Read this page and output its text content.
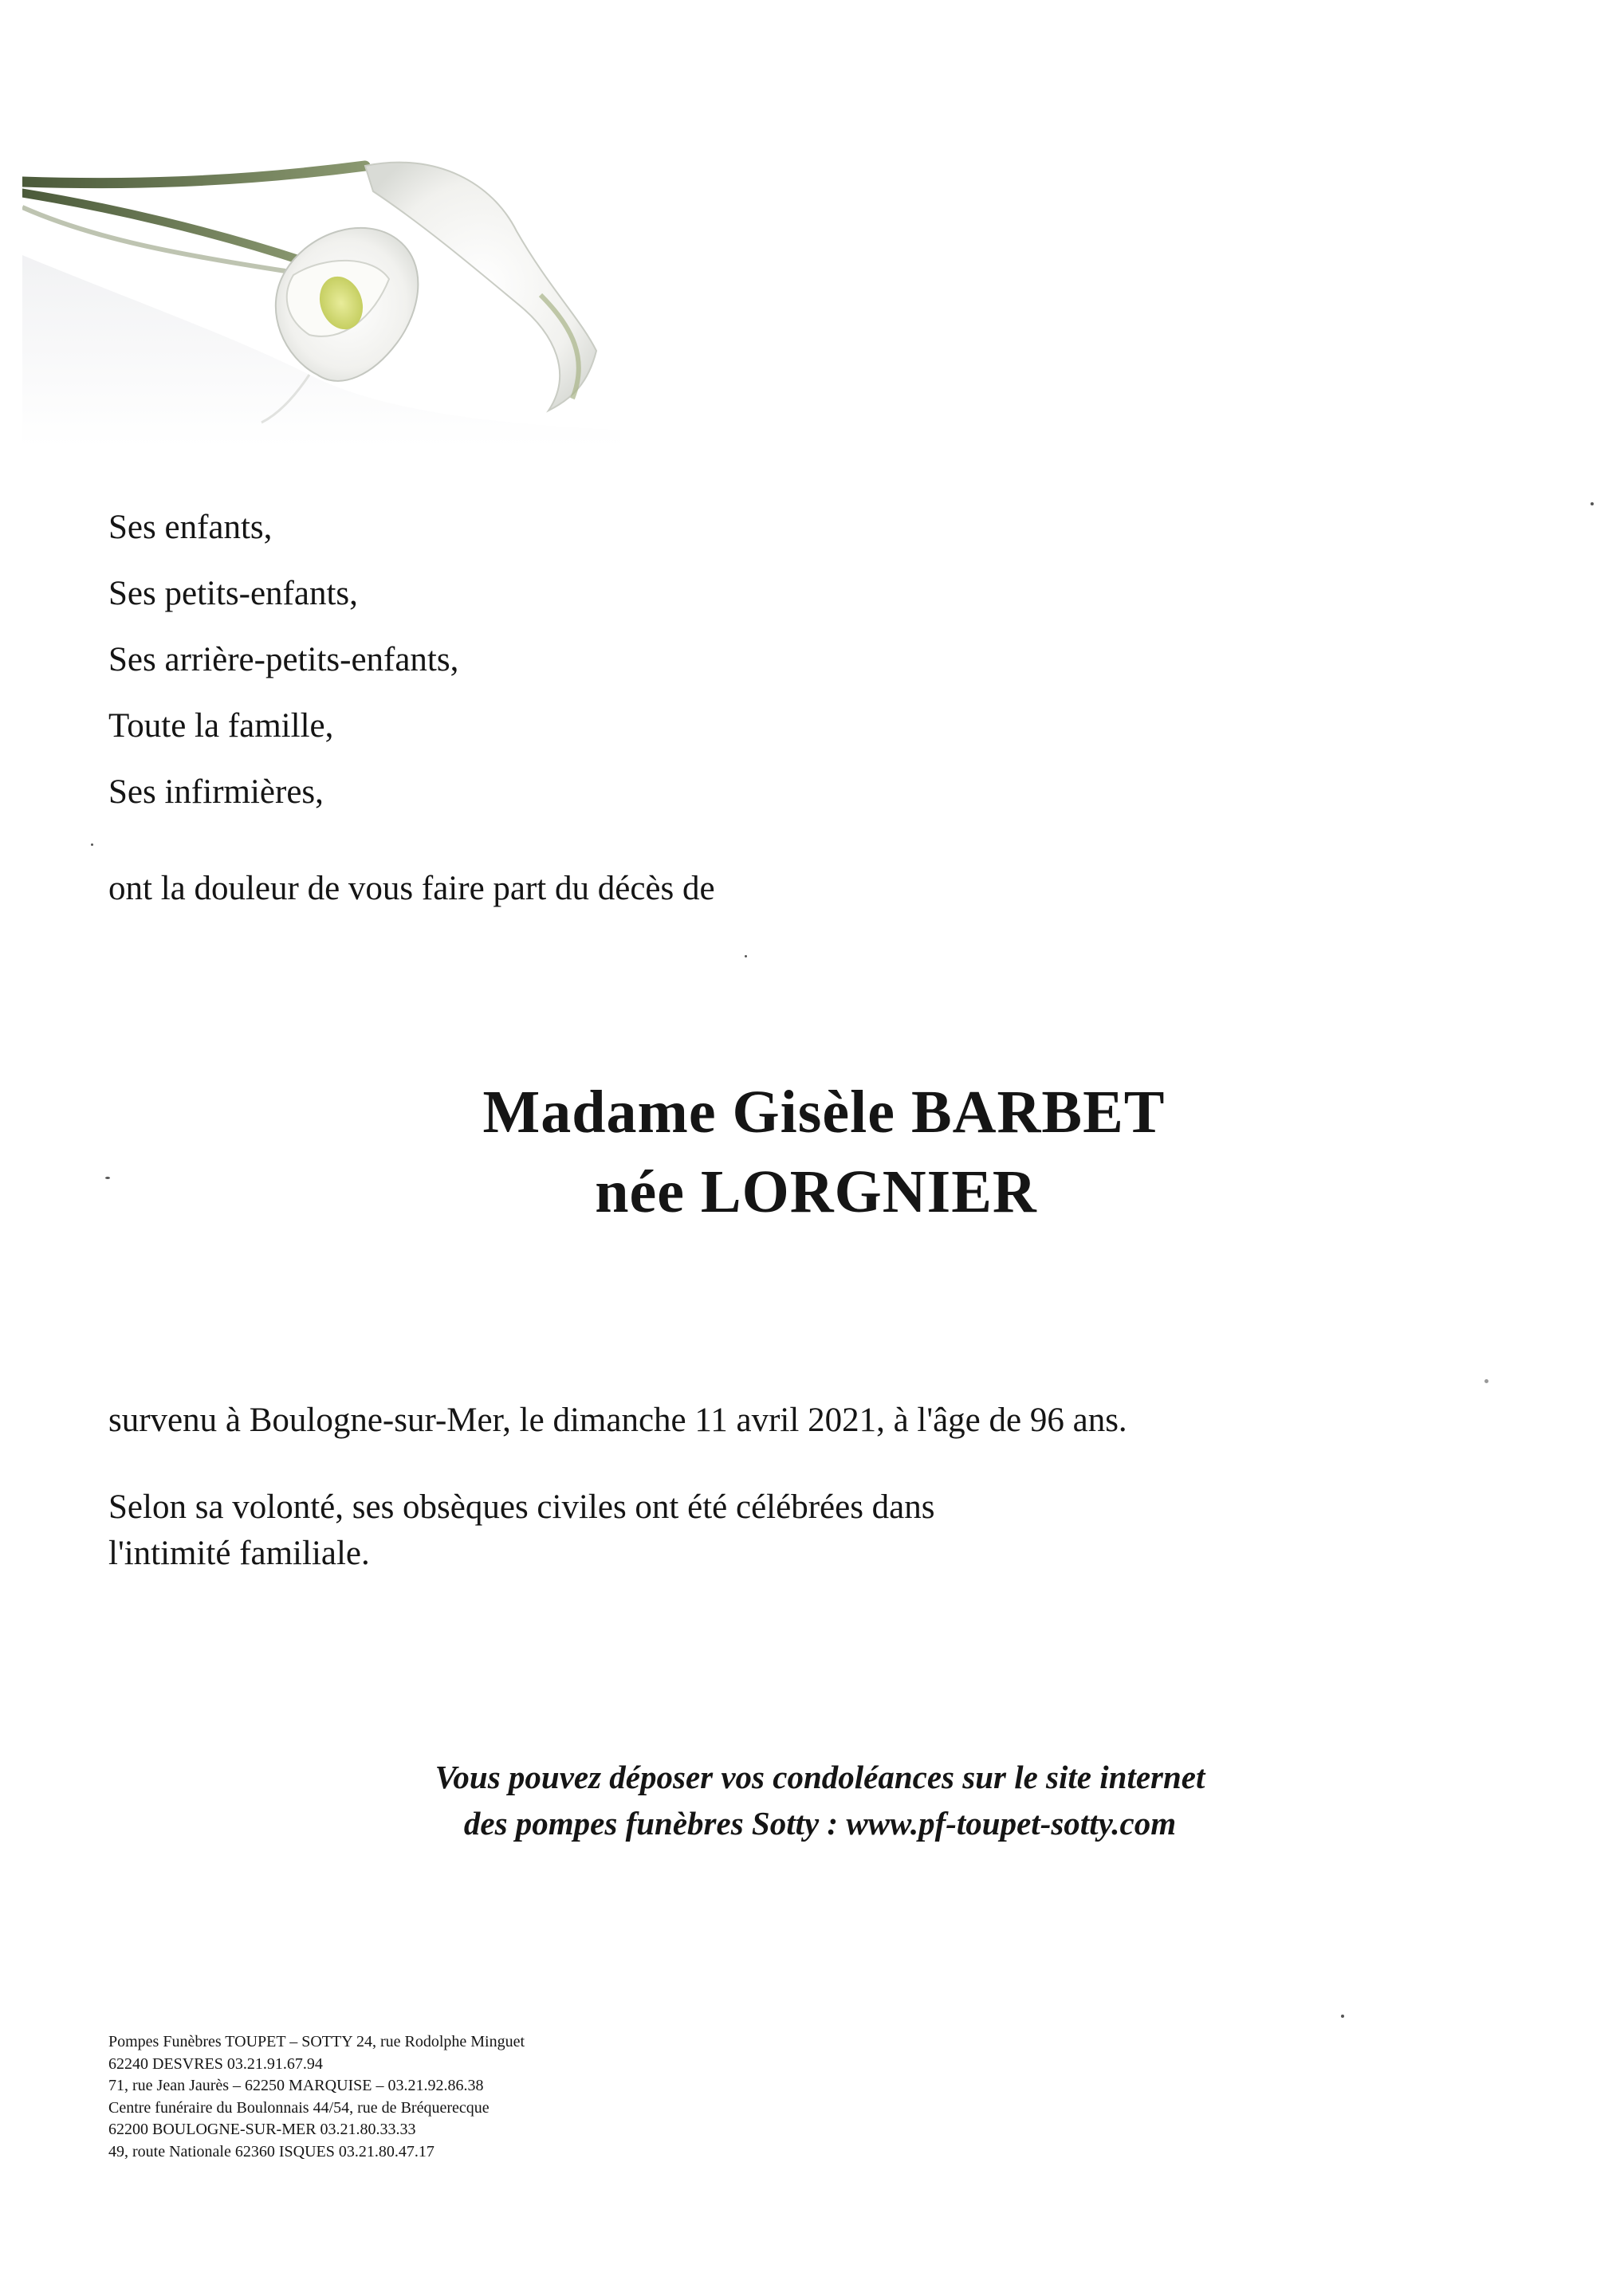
Ses enfants,
Ses petits-enfants,
Ses arrière-petits-enfants,
Toute la famille,
Ses infirmières,
ont la douleur de vous faire part du décès de
Madame Gisèle BARBET
née LORGNIER
survenu à Boulogne-sur-Mer, le dimanche 11 avril 2021, à l'âge de 96 ans.
Selon sa volonté, ses obsèques civiles ont été célébrées dans
l'intimité familiale.
Vous pouvez déposer vos condoléances sur le site internet
des pompes funèbres Sotty : www.pf-toupet-sotty.com
Pompes Funèbres TOUPET – SOTTY 24, rue Rodolphe Minguet
62240 DESVRES 03.21.91.67.94
71, rue Jean Jaurès – 62250 MARQUISE – 03.21.92.86.38
Centre funéraire du Boulonnais 44/54, rue de Bréquerecque
62200 BOULOGNE-SUR-MER 03.21.80.33.33
49, route Nationale 62360 ISQUES 03.21.80.47.17
